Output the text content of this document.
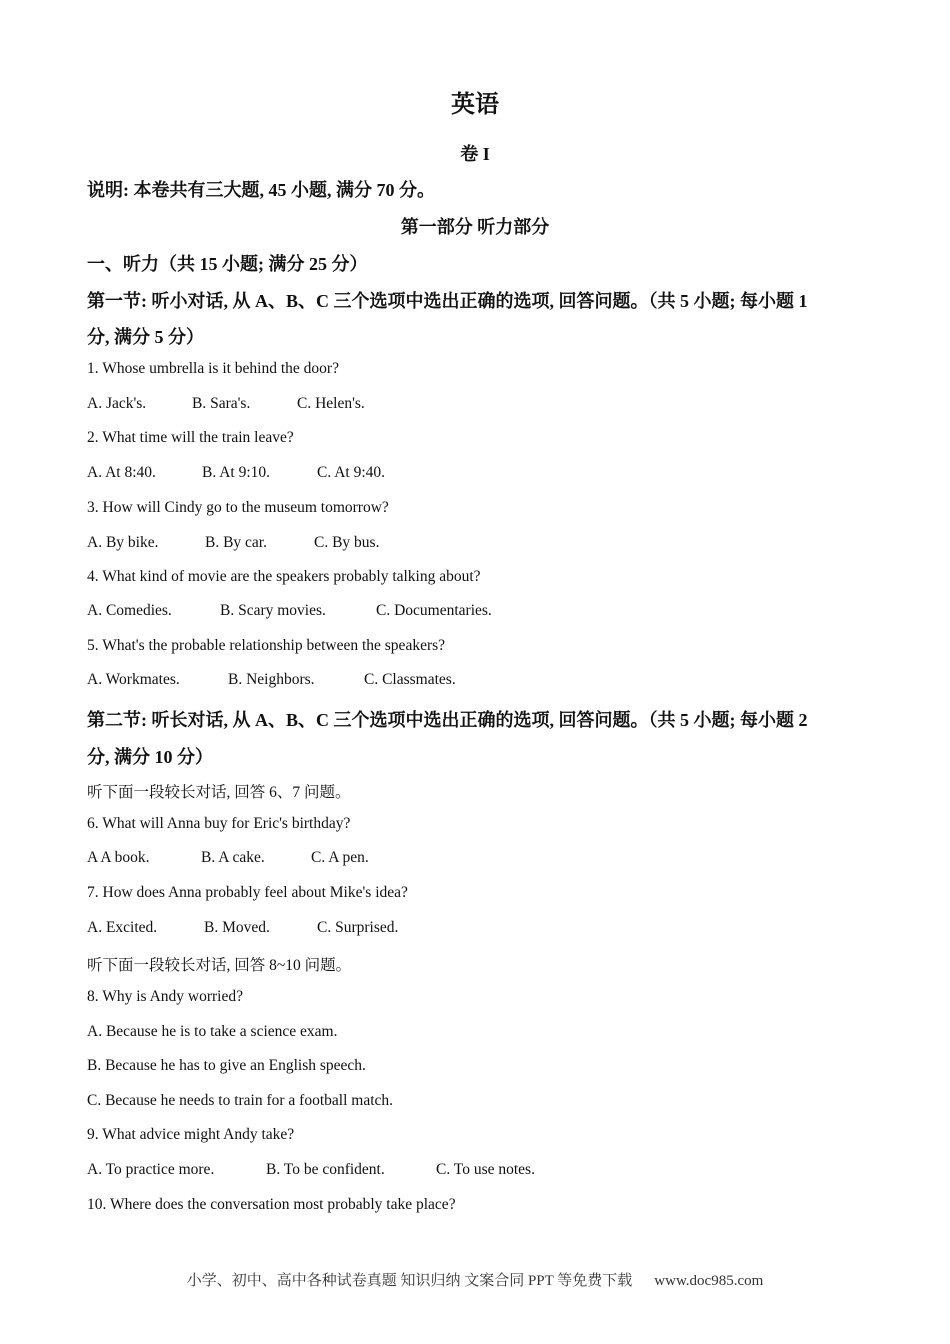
英语
卷 I
说明: 本卷共有三大题, 45 小题, 满分 70 分。
第一部分 听力部分
一、听力（共 15 小题; 满分 25 分）
第一节: 听小对话, 从 A、B、C 三个选项中选出正确的选项, 回答问题。（共 5 小题; 每小题 1
分, 满分 5 分）
1. Whose umbrella is it behind the door?
A. Jack's.	B. Sara's.	C. Helen's.
2. What time will the train leave?
A. At 8:40.	B. At 9:10.	C. At 9:40.
3. How will Cindy go to the museum tomorrow?
A. By bike.	B. By car.	C. By bus.
4. What kind of movie are the speakers probably talking about?
A. Comedies.	B. Scary movies.	C. Documentaries.
5. What's the probable relationship between the speakers?
A. Workmates.	B. Neighbors.	C. Classmates.
第二节: 听长对话, 从 A、B、C 三个选项中选出正确的选项, 回答问题。（共 5 小题; 每小题 2
分, 满分 10 分）
听下面一段较长对话, 回答 6、7 问题。
6. What will Anna buy for Eric's birthday?
A A book.	B. A cake.	C. A pen.
7. How does Anna probably feel about Mike's idea?
A. Excited.	B. Moved.	C. Surprised.
听下面一段较长对话, 回答 8~10 问题。
8. Why is Andy worried?
A. Because he is to take a science exam.
B. Because he has to give an English speech.
C. Because he needs to train for a football match.
9. What advice might Andy take?
A. To practice more.	B. To be confident.	C. To use notes.
10. Where does the conversation most probably take place?
小学、初中、高中各种试卷真题 知识归纳 文案合同 PPT 等免费下载 www.doc985.com
